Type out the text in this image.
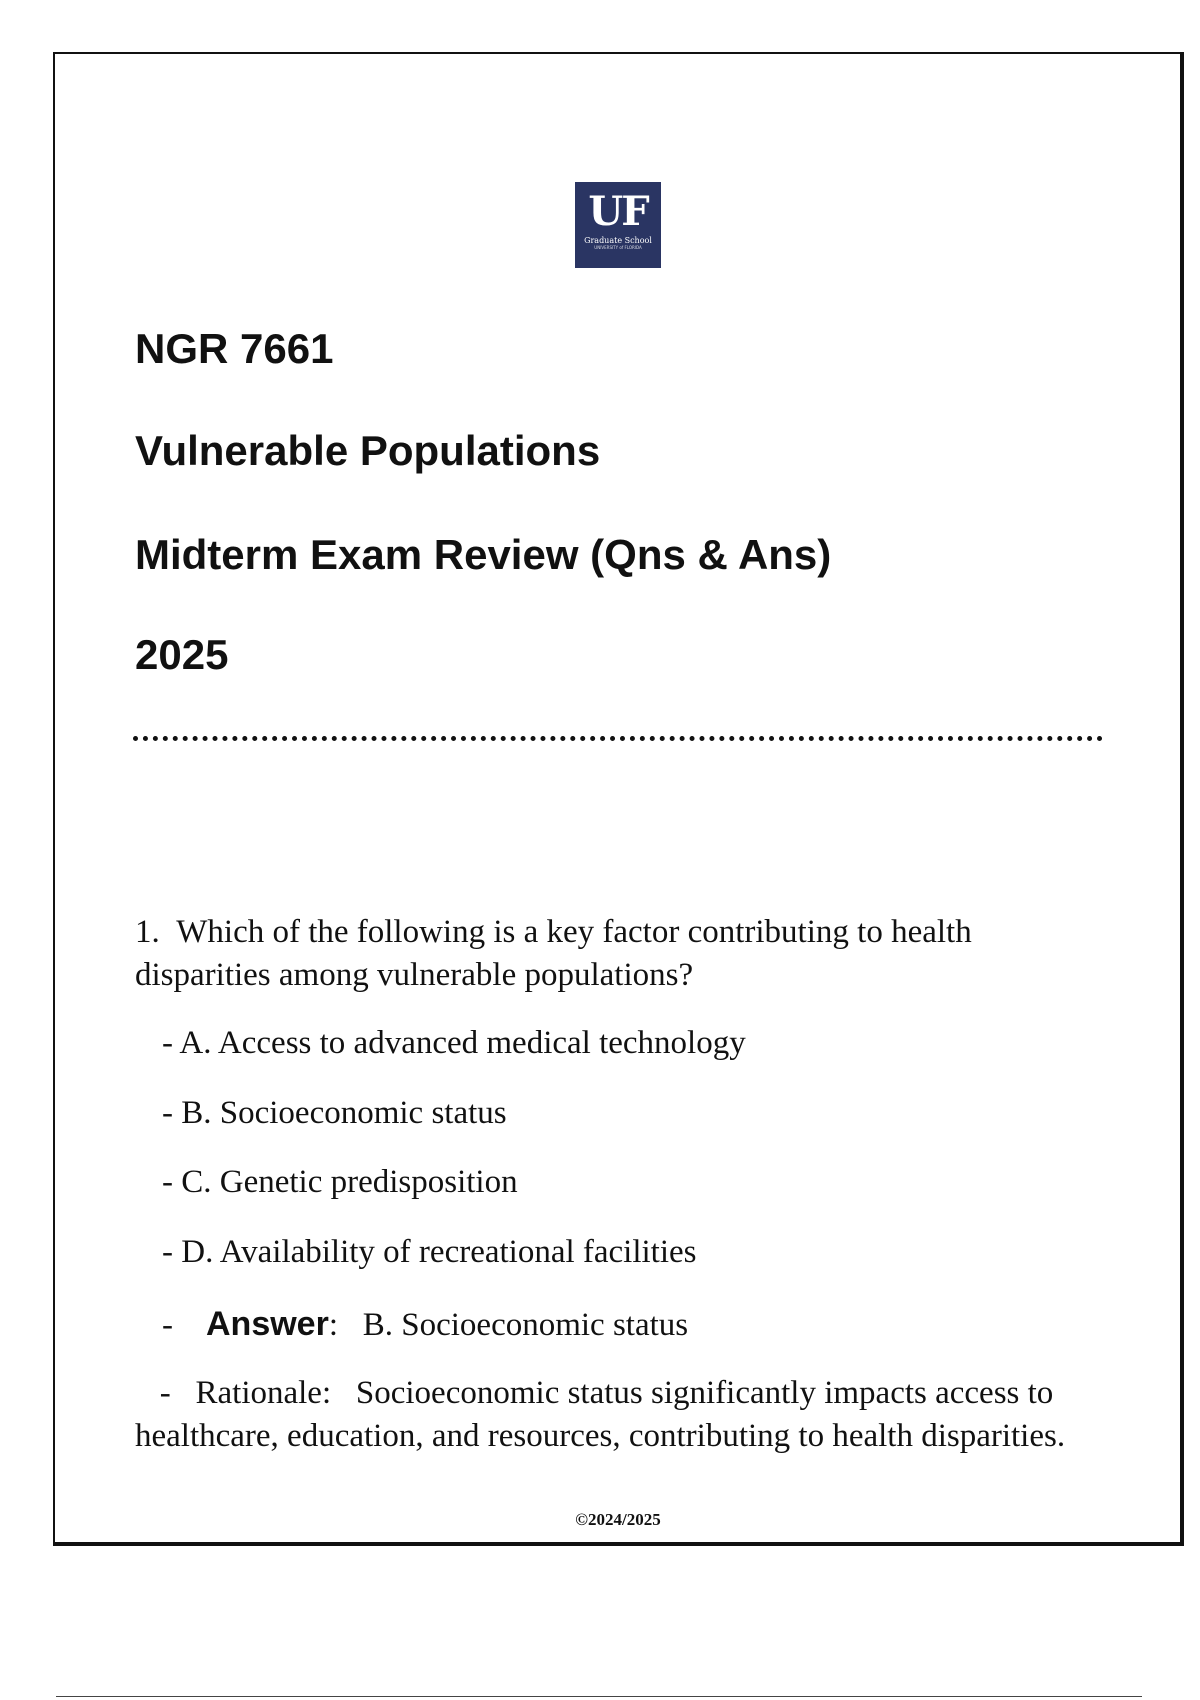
UF
Graduate School
UNIVERSITY of FLORIDA
NGR 7661
Vulnerable Populations
Midterm Exam Review (Qns & Ans)
2025

1. Which of the following is a key factor contributing to health disparities among vulnerable populations?

- A. Access to advanced medical technology
- B. Socioeconomic status
- C. Genetic predisposition
- D. Availability of recreational facilities
- Answer:   B. Socioeconomic status

- Rationale: Socioeconomic status significantly impacts access to healthcare, education, and resources, contributing to health disparities.

©2024/2025
